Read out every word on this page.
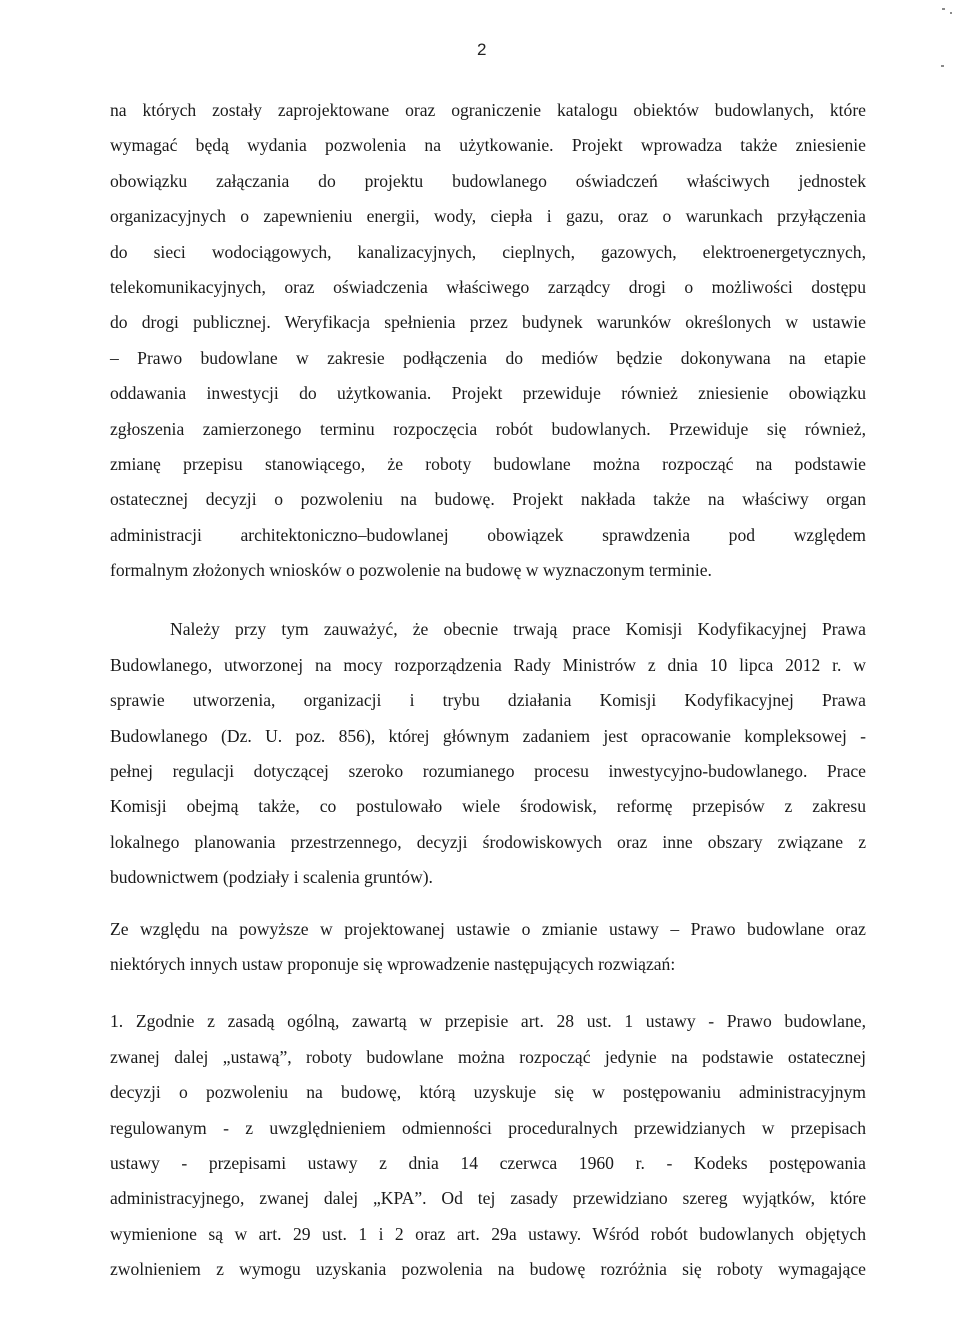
2
na których zostały zaprojektowane oraz ograniczenie katalogu obiektów budowlanych, które
wymagać będą wydania pozwolenia na użytkowanie. Projekt wprowadza także zniesienie
obowiązku załączania do projektu budowlanego oświadczeń właściwych jednostek
organizacyjnych o zapewnieniu energii, wody, ciepła i gazu, oraz o warunkach przyłączenia
do sieci wodociągowych, kanalizacyjnych, cieplnych, gazowych, elektroenergetycznych,
telekomunikacyjnych, oraz oświadczenia właściwego zarządcy drogi o możliwości dostępu
do drogi publicznej. Weryfikacja spełnienia przez budynek warunków określonych w ustawie
– Prawo budowlane w zakresie podłączenia do mediów będzie dokonywana na etapie
oddawania inwestycji do użytkowania. Projekt przewiduje również zniesienie obowiązku
zgłoszenia zamierzonego terminu rozpoczęcia robót budowlanych. Przewiduje się również,
zmianę przepisu stanowiącego, że roboty budowlane można rozpocząć na podstawie
ostatecznej decyzji o pozwoleniu na budowę. Projekt nakłada także na właściwy organ
administracji architektoniczno–budowlanej obowiązek sprawdzenia pod względem
formalnym złożonych wniosków o pozwolenie na budowę w wyznaczonym terminie.
Należy przy tym zauważyć, że obecnie trwają prace Komisji Kodyfikacyjnej Prawa
Budowlanego, utworzonej na mocy rozporządzenia Rady Ministrów z dnia 10 lipca 2012 r. w
sprawie utworzenia, organizacji i trybu działania Komisji Kodyfikacyjnej Prawa
Budowlanego (Dz. U. poz. 856), której głównym zadaniem jest opracowanie kompleksowej -
pełnej regulacji dotyczącej szeroko rozumianego procesu inwestycyjno-budowlanego. Prace
Komisji obejmą także, co postulowało wiele środowisk, reformę przepisów z zakresu
lokalnego planowania przestrzennego, decyzji środowiskowych oraz inne obszary związane z
budownictwem (podziały i scalenia gruntów).
Ze względu na powyższe w projektowanej ustawie o zmianie ustawy – Prawo budowlane oraz
niektórych innych ustaw proponuje się wprowadzenie następujących rozwiązań:
1. Zgodnie z zasadą ogólną, zawartą w przepisie art. 28 ust. 1 ustawy - Prawo budowlane,
zwanej dalej „ustawą”, roboty budowlane można rozpocząć jedynie na podstawie ostatecznej
decyzji o pozwoleniu na budowę, którą uzyskuje się w postępowaniu administracyjnym
regulowanym - z uwzględnieniem odmienności proceduralnych przewidzianych w przepisach
ustawy - przepisami ustawy z dnia 14 czerwca 1960 r. - Kodeks postępowania
administracyjnego, zwanej dalej „KPA”. Od tej zasady przewidziano szereg wyjątków, które
wymienione są w art. 29 ust. 1 i 2 oraz art. 29a ustawy. Wśród robót budowlanych objętych
zwolnieniem z wymogu uzyskania pozwolenia na budowę rozróżnia się roboty wymagające
